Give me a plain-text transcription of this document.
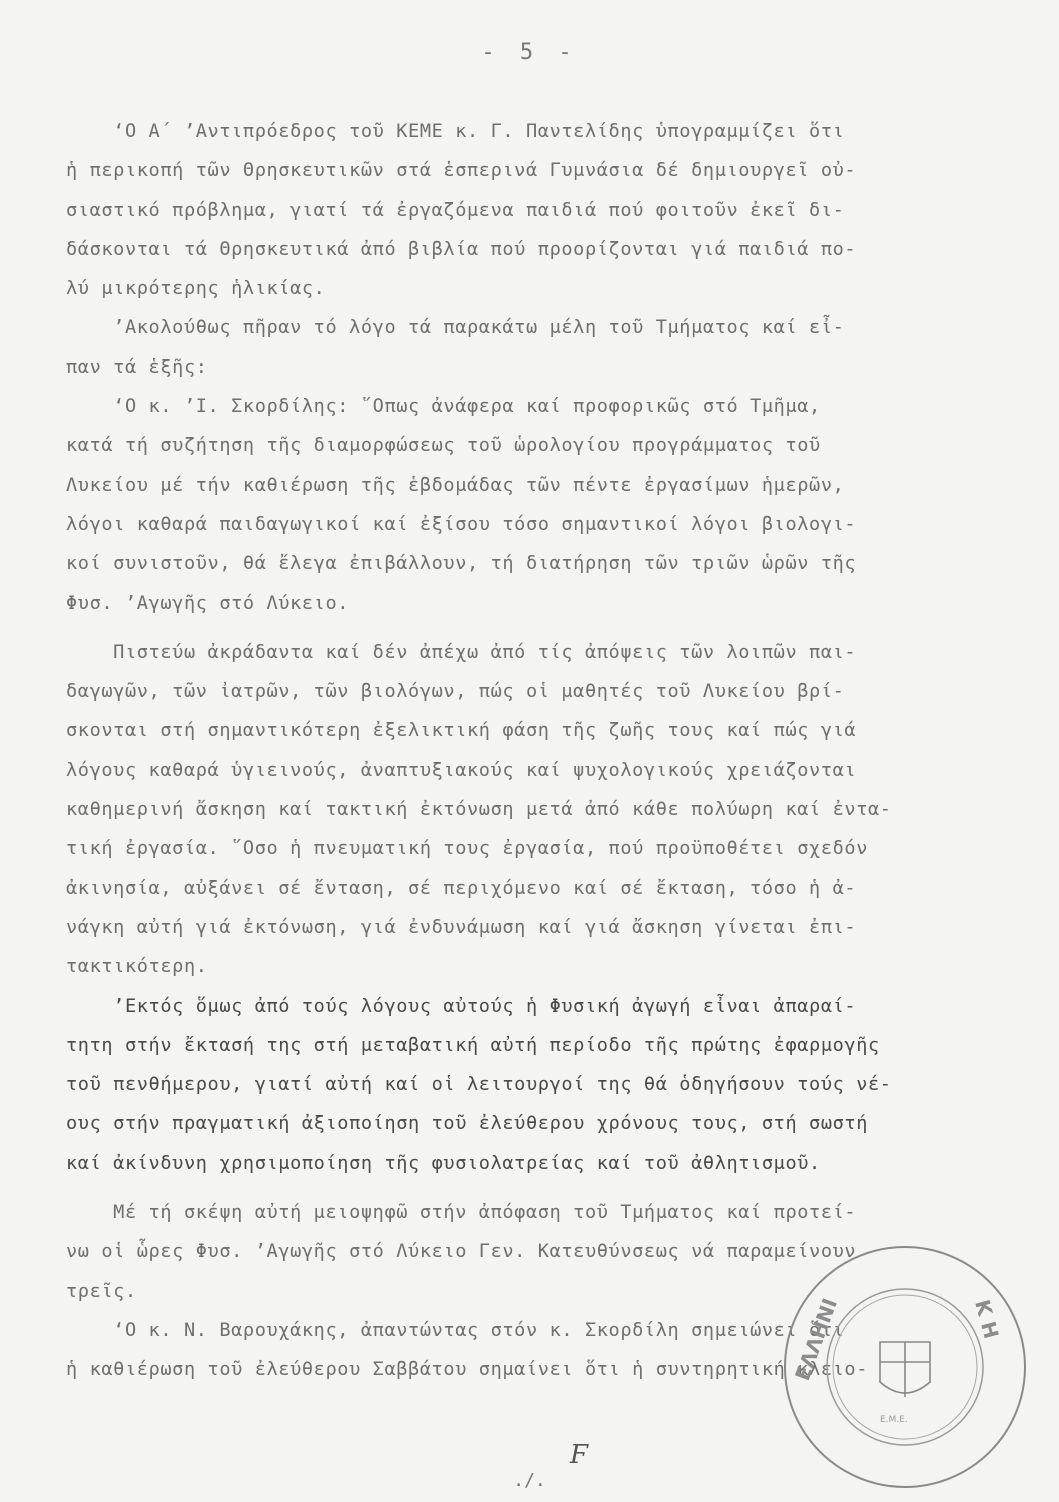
- 5 -
‘Ο Α΄ ’Αντιπρόεδρος τοῦ ΚΕΜΕ κ. Γ. Παντελίδης ὑπογραμμίζει ὅτι
ἡ περικοπή τῶν Θρησκευτικῶν στά ἑσπερινά Γυμνάσια δέ δημιουργεῖ οὐ-
σιαστικό πρόβλημα, γιατί τά ἐργαζόμενα παιδιά πού φοιτοῦν ἐκεῖ δι-
δάσκονται τά Θρησκευτικά ἀπό βιβλία πού προορίζονται γιά παιδιά πο-
λύ μικρότερης ἡλικίας.
’Ακολούθως πῆραν τό λόγο τά παρακάτω μέλη τοῦ Τμήματος καί εἶ-
παν τά ἑξῆς:
‘Ο κ. ’Ι. Σκορδίλης: ῞Οπως ἀνάφερα καί προφορικῶς στό Τμῆμα,
κατά τή συζήτηση τῆς διαμορφώσεως τοῦ ὡρολογίου προγράμματος τοῦ
Λυκείου μέ τήν καθιέρωση τῆς ἑβδομάδας τῶν πέντε ἐργασίμων ἡμερῶν,
λόγοι καθαρά παιδαγωγικοί καί ἐξίσου τόσο σημαντικοί λόγοι βιολογι-
κοί συνιστοῦν, θά ἔλεγα ἐπιβάλλουν, τή διατήρηση τῶν τριῶν ὡρῶν τῆς
Φυσ. ’Αγωγῆς στό Λύκειο.
Πιστεύω ἀκράδαντα καί δέν ἀπέχω ἀπό τίς ἀπόψεις τῶν λοιπῶν παι-
δαγωγῶν, τῶν ἰατρῶν, τῶν βιολόγων, πώς οἱ μαθητές τοῦ Λυκείου βρί-
σκονται στή σημαντικότερη ἐξελικτική φάση τῆς ζωῆς τους καί πώς γιά
λόγους καθαρά ὑγιεινούς, ἀναπτυξιακούς καί ψυχολογικούς χρειάζονται
καθημερινή ἄσκηση καί τακτική ἐκτόνωση μετά ἀπό κάθε πολύωρη καί ἐντα-
τική ἐργασία. ῞Οσο ἡ πνευματική τους ἐργασία, πού προϋποθέτει σχεδόν
ἀκινησία, αὐξάνει σέ ἔνταση, σέ περιχόμενο καί σέ ἔκταση, τόσο ἡ ἀ-
νάγκη αὐτή γιά ἐκτόνωση, γιά ἐνδυνάμωση καί γιά ἄσκηση γίνεται ἐπι-
τακτικότερη.
’Εκτός ὅμως ἀπό τούς λόγους αὐτούς ἡ Φυσική ἀγωγή εἶναι ἀπαραί-
τητη στήν ἔκτασή της στή μεταβατική αὐτή περίοδο τῆς πρώτης ἐφαρμογῆς
τοῦ πενθήμερου, γιατί αὐτή καί οἱ λειτουργοί της θά ὁδηγήσουν τούς νέ-
ους στήν πραγματική ἀξιοποίηση τοῦ ἐλεύθερου χρόνους τους, στή σωστή
καί ἀκίνδυνη χρησιμοποίηση τῆς φυσιολατρείας καί τοῦ ἀθλητισμοῦ.
Μέ τή σκέψη αὐτή μειοψηφῶ στήν ἀπόφαση τοῦ Τμήματος καί προτεί-
νω οἱ ὧρες Φυσ. ’Αγωγῆς στό Λύκειο Γεν. Κατευθύνσεως νά παραμείνουν
τρεῖς.
‘Ο κ. Ν. Βαρουχάκης, ἀπαντώντας στόν κ. Σκορδίλη σημειώνει ὅτι
ἡ καθιέρωση τοῦ ἐλεύθερου Σαββάτου σημαίνει ὅτι ἡ συντηρητική κλειο-
ΕΛΛΗΝΙ	Κ Η
Ε.Μ.Ε.
Ϝ
./.
